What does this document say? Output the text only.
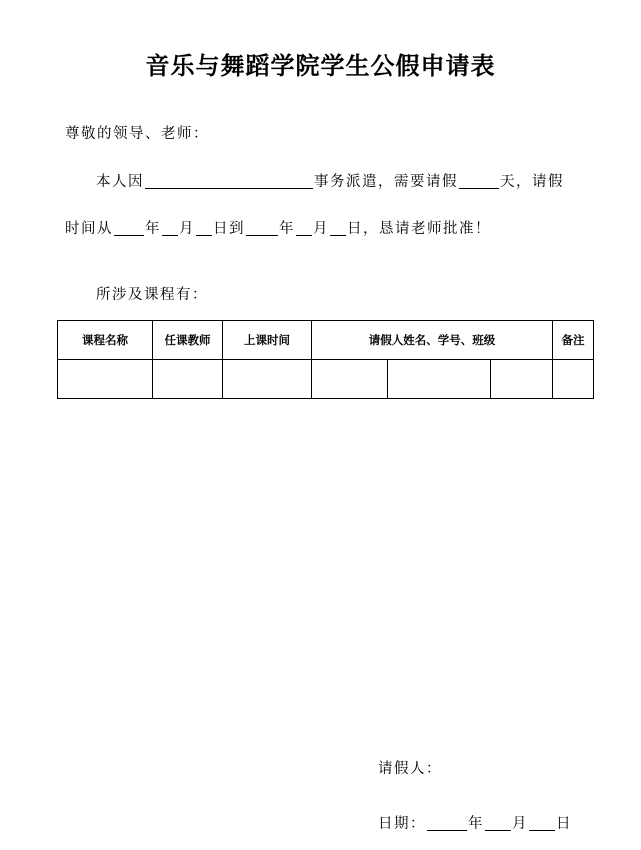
音乐与舞蹈学院学生公假申请表
尊敬的领导、老师：
本人因	事务派遣，需要请假	天，请假
时间从 年 月 日到 年 月 日，恳请老师批准！
所涉及课程有：
课程名称	任课教师	上课时间	请假人姓名、学号、班级			备注

请假人：
日期：	年 月 日
